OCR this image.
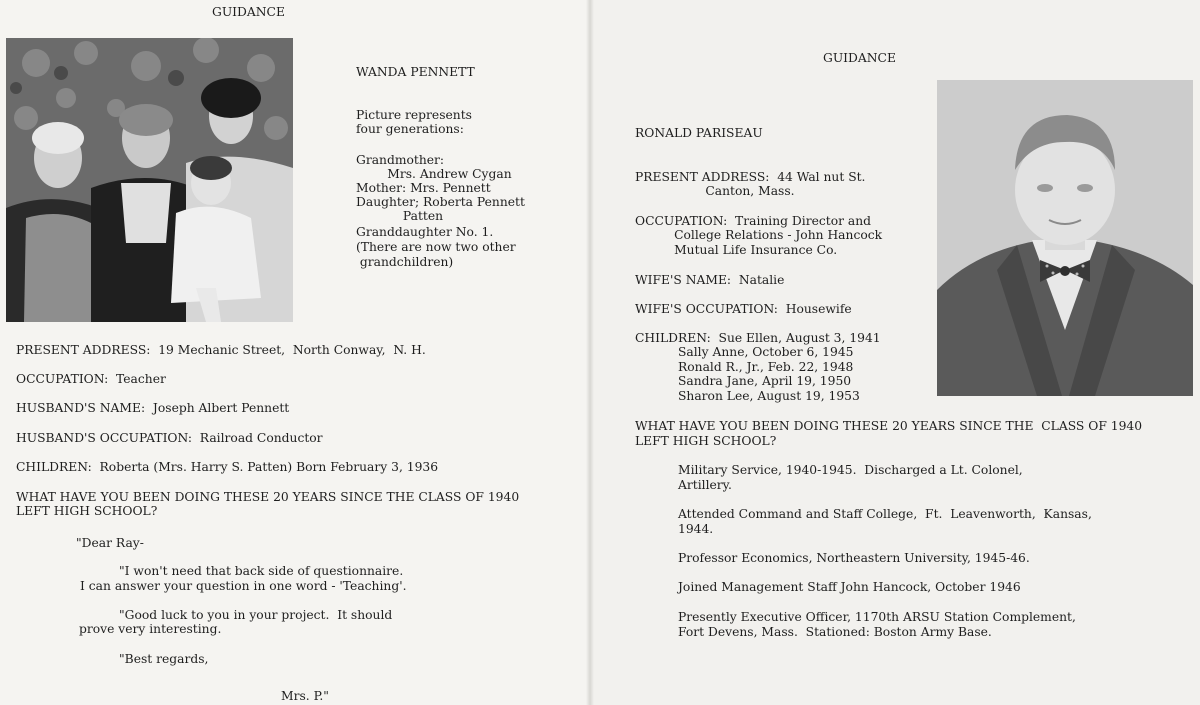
GUIDANCE

WANDA PENNETT

Picture represents

four generations:

Grandmother:

Mrs. Andrew Cygan

Mother: Mrs. Pennett

Daughter; Roberta Pennett

Patten

Granddaughter No. 1.

(There are now two other

grandchildren)

PRESENT ADDRESS:  19 Mechanic Street,  North Conway,  N. H.

OCCUPATION:  Teacher

HUSBAND'S NAME:  Joseph Albert Pennett

HUSBAND'S OCCUPATION:  Railroad Conductor

CHILDREN:  Roberta (Mrs. Harry S. Patten) Born February 3, 1936

WHAT HAVE YOU BEEN DOING THESE 20 YEARS SINCE THE CLASS OF 1940

LEFT HIGH SCHOOL?

"Dear Ray-

"I won't need that back side of questionnaire.

I can answer your question in one word - 'Teaching'.

"Good luck to you in your project.  It should

prove very interesting.

"Best regards,

Mrs. P."

GUIDANCE

RONALD PARISEAU

PRESENT ADDRESS:  44 Wal nut St.

Canton, Mass.

OCCUPATION:  Training Director and

College Relations - John Hancock

Mutual Life Insurance Co.

WIFE'S NAME:  Natalie

WIFE'S OCCUPATION:  Housewife

CHILDREN:  Sue Ellen, August 3, 1941

Sally Anne, October 6, 1945

Ronald R., Jr., Feb. 22, 1948

Sandra Jane, April 19, 1950

Sharon Lee, August 19, 1953

WHAT HAVE YOU BEEN DOING THESE 20 YEARS SINCE THE  CLASS OF 1940

LEFT HIGH SCHOOL?

Military Service, 1940-1945.  Discharged a Lt. Colonel,

Artillery.

Attended Command and Staff College,  Ft.  Leavenworth,  Kansas,

1944.

Professor Economics, Northeastern University, 1945-46.

Joined Management Staff John Hancock, October 1946

Presently Executive Officer, 1170th ARSU Station Complement,

Fort Devens, Mass.  Stationed: Boston Army Base.
